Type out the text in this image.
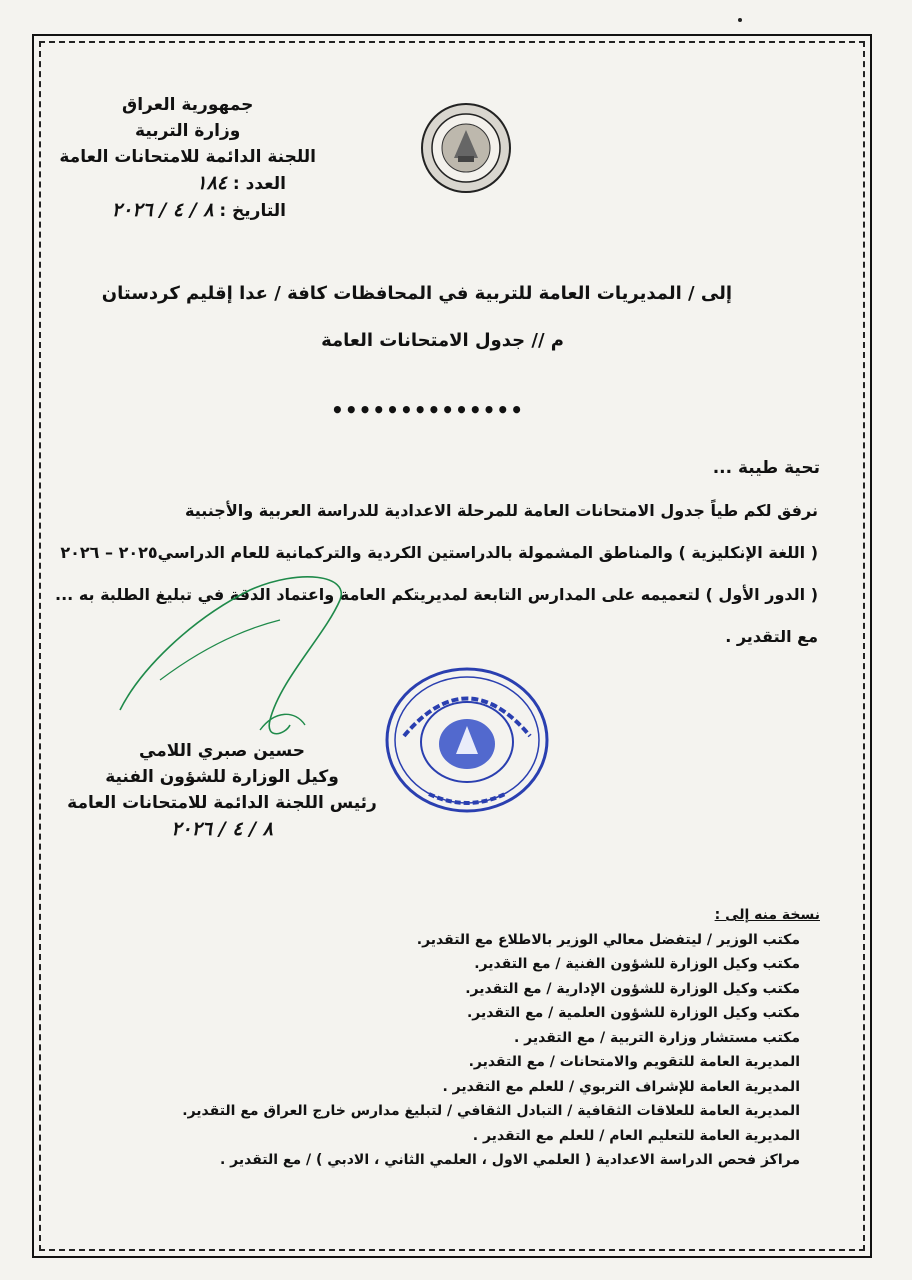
جمهورية العراق
وزارة التربية
اللجنة الدائمة للامتحانات العامة
العدد : ١٨٤
التاريخ : ٨ / ٤ / ٢٠٢٦
إلى / المديريات العامة للتربية في المحافظات كافة / عدا إقليم كردستان
م // جدول الامتحانات العامة
••••••••••••••
تحية طيبة ...
نرفق لكم طياً جدول الامتحانات العامة للمرحلة الاعدادية للدراسة العربية والأجنبية
( اللغة الإنكليزية ) والمناطق المشمولة بالدراستين الكردية والتركمانية للعام الدراسي٢٠٢٥ – ٢٠٢٦
( الدور الأول ) لتعميمه على المدارس التابعة لمديريتكم العامة واعتماد الدقة في تبليغ الطلبة به ...
مع التقدير .
حسين صبري اللامي
وكيل الوزارة للشؤون الفنية
رئيس اللجنة الدائمة للامتحانات العامة
٨ / ٤ / ٢٠٢٦
نسخة منه إلى :
مكتب الوزير / ليتفضل معالي الوزير بالاطلاع مع التقدير.
مكتب وكيل الوزارة للشؤون الفنية / مع التقدير.
مكتب وكيل الوزارة للشؤون الإدارية / مع التقدير.
مكتب وكيل الوزارة للشؤون العلمية / مع التقدير.
مكتب مستشار وزارة التربية / مع التقدير .
المديرية العامة للتقويم والامتحانات / مع التقدير.
المديرية العامة للإشراف التربوي / للعلم مع التقدير .
المديرية العامة للعلاقات الثقافية / التبادل الثقافي / لتبليغ مدارس خارج العراق مع التقدير.
المديرية العامة للتعليم العام / للعلم مع التقدير .
مراكز فحص الدراسة الاعدادية ( العلمي الاول ، العلمي الثاني ، الادبي ) / مع التقدير .
